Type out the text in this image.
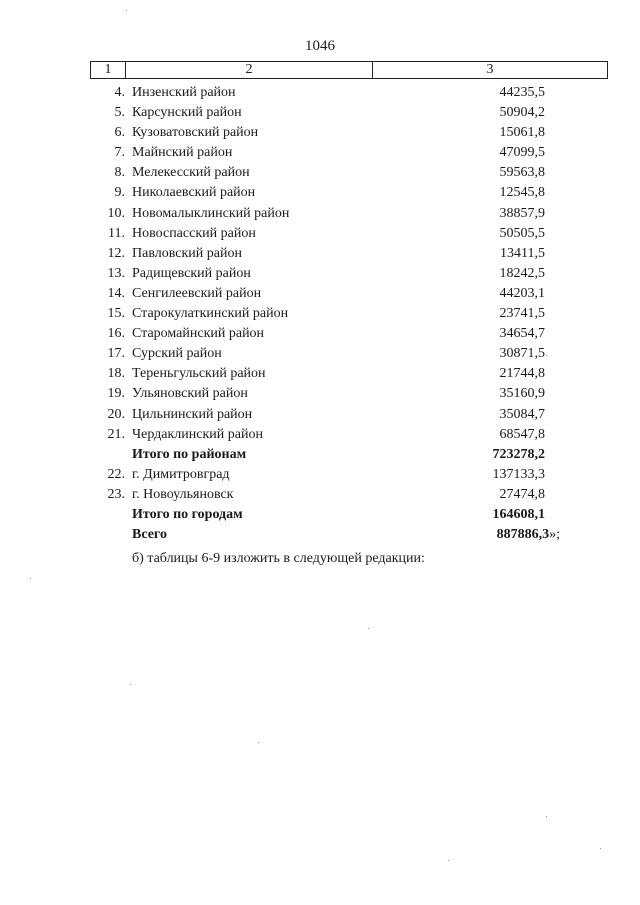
1046
1	2	3
4. Инзенский район	44235,5
5. Карсунский район	50904,2
6. Кузоватовский район	15061,8
7. Майнский район	47099,5
8. Мелекесский район	59563,8
9. Николаевский район	12545,8
10. Новомалыклинский район	38857,9
11. Новоспасский район	50505,5
12. Павловский район	13411,5
13. Радищевский район	18242,5
14. Сенгилеевский район	44203,1
15. Старокулаткинский район	23741,5
16. Старомайнский район	34654,7
17. Сурский район	30871,5
18. Тереньгульский район	21744,8
19. Ульяновский район	35160,9
20. Цильнинский район	35084,7
21. Чердаклинский район	68547,8
Итого по районам	723278,2
22. г. Димитровград	137133,3
23. г. Новоульяновск	27474,8
Итого по городам	164608,1
Всего	887886,3»;
б) таблицы 6-9 изложить в следующей редакции:
